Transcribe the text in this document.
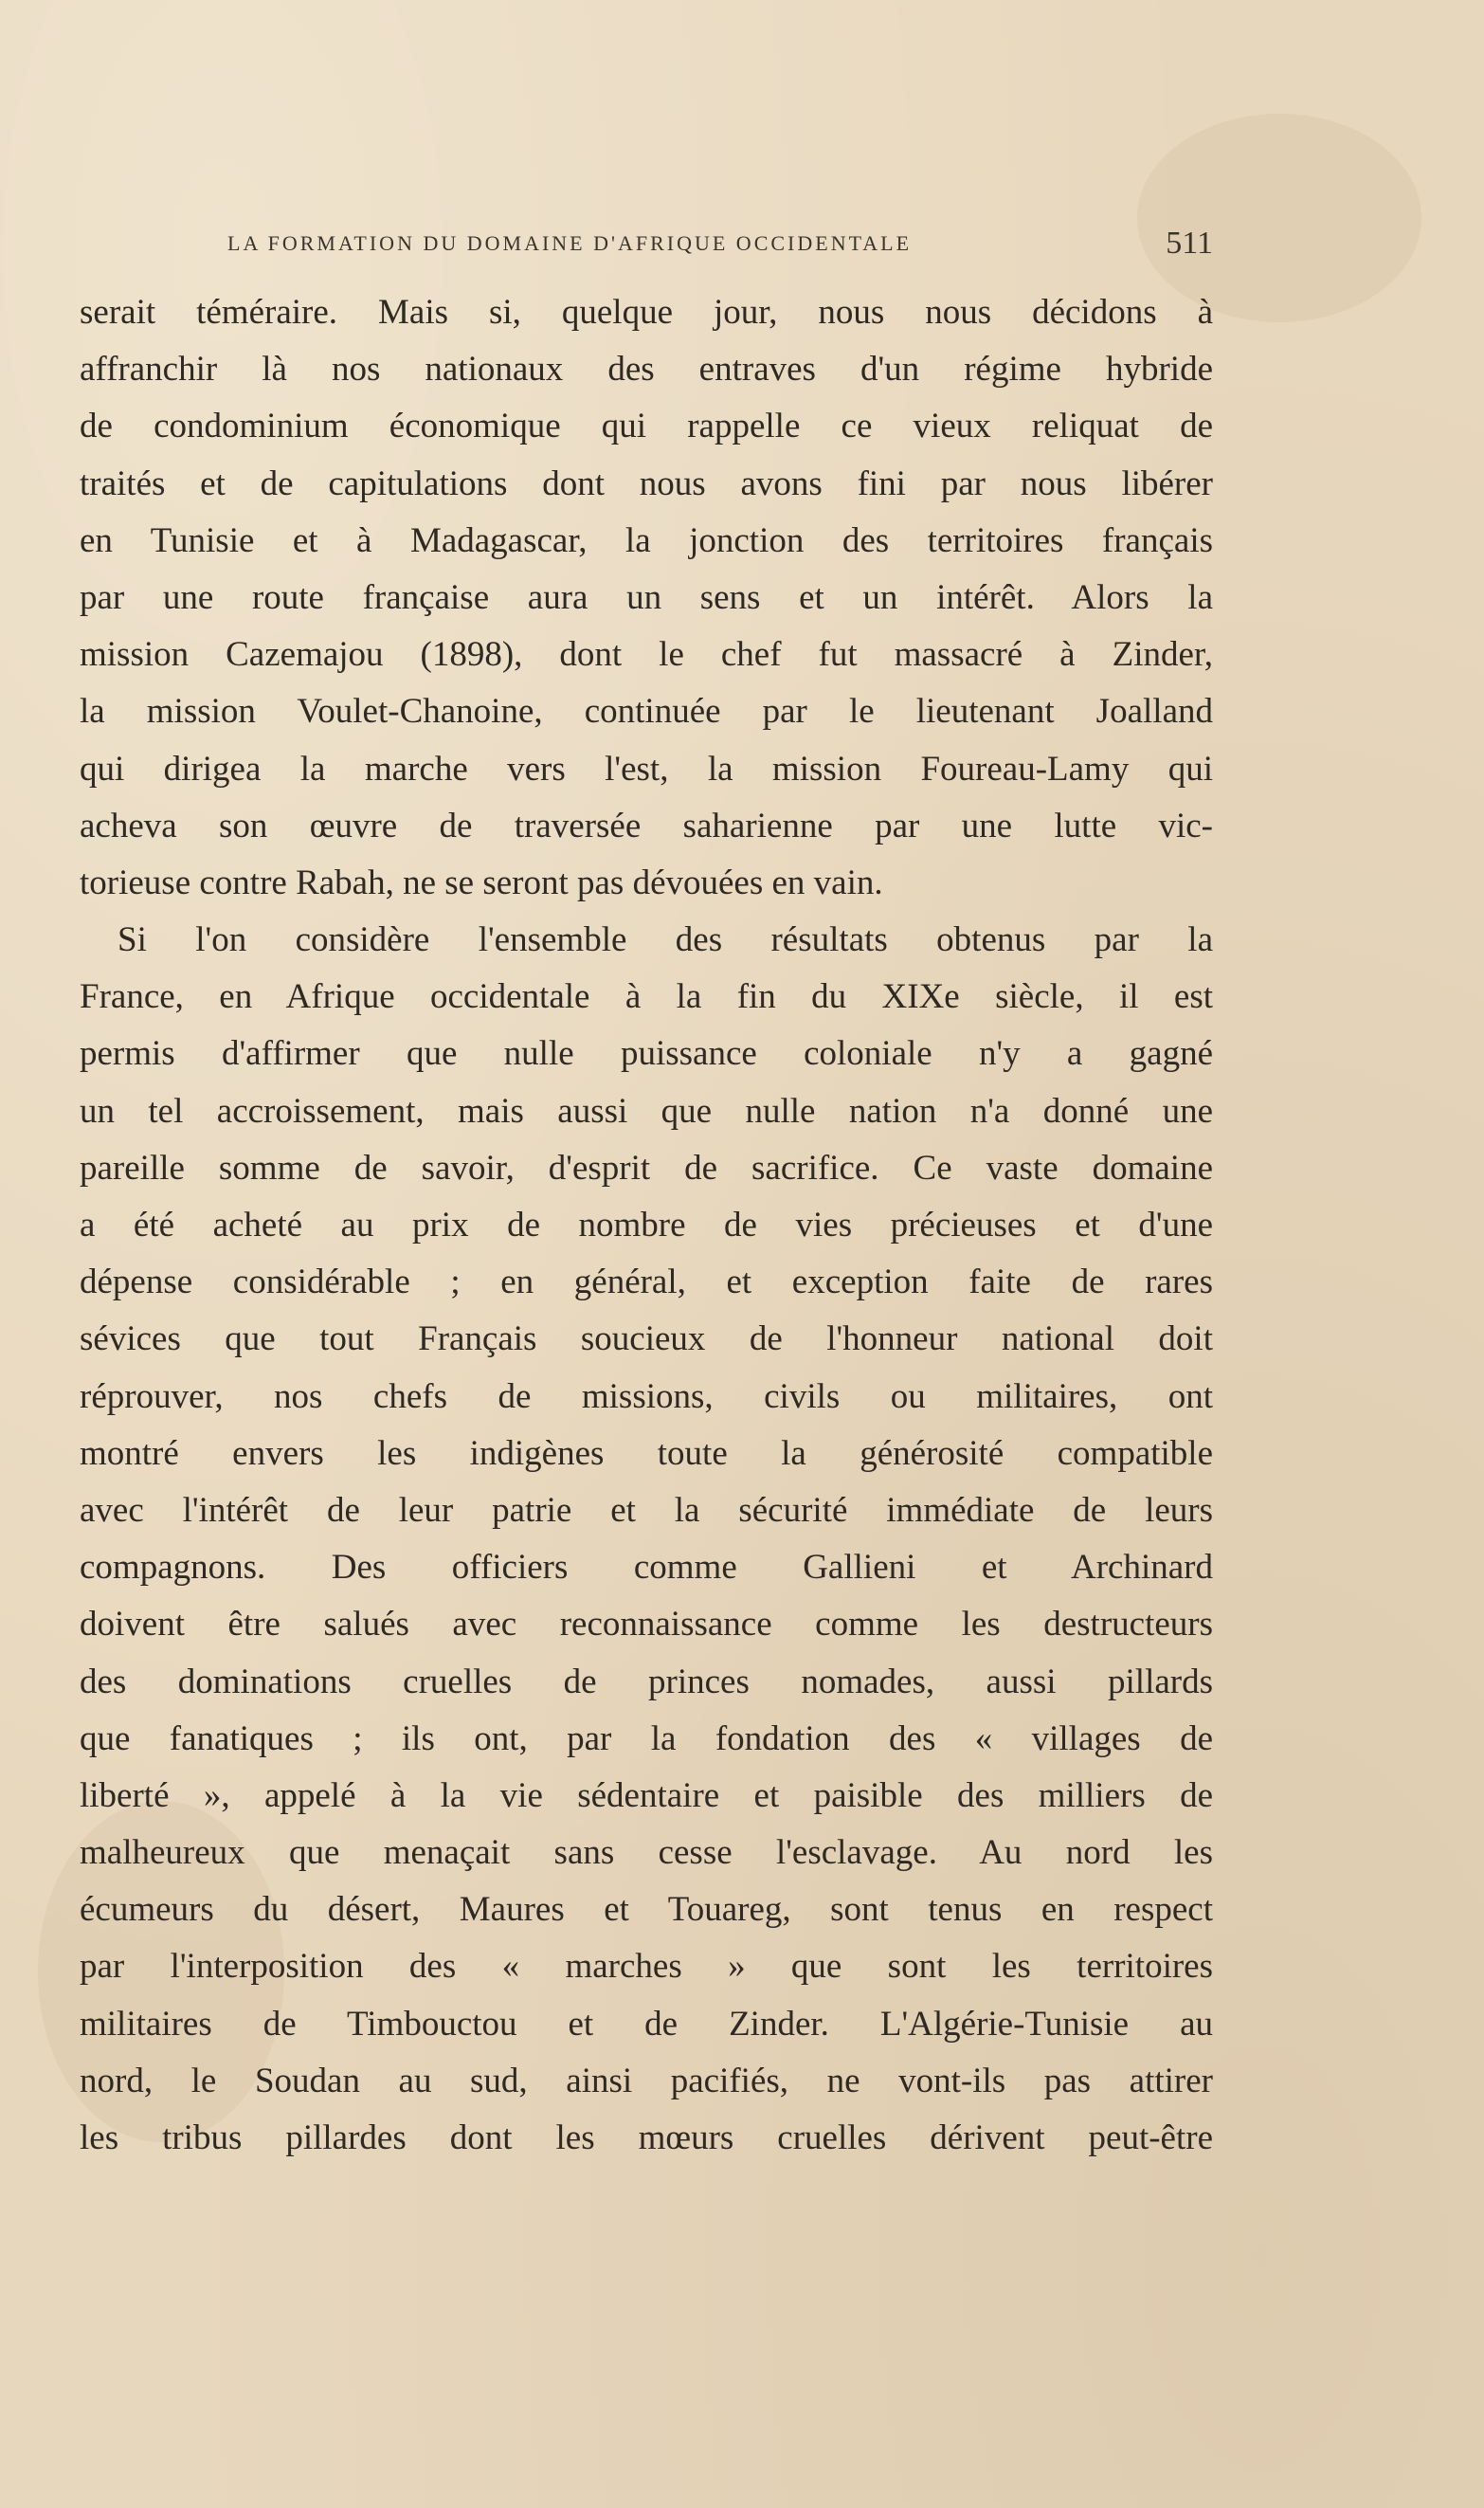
LA FORMATION DU DOMAINE D'AFRIQUE OCCIDENTALE	511
serait téméraire. Mais si, quelque jour, nous nous décidons à
affranchir là nos nationaux des entraves d'un régime hybride
de condominium économique qui rappelle ce vieux reliquat de
traités et de capitulations dont nous avons fini par nous libérer
en Tunisie et à Madagascar, la jonction des territoires français
par une route française aura un sens et un intérêt. Alors la
mission Cazemajou (1898), dont le chef fut massacré à Zinder,
la mission Voulet-Chanoine, continuée par le lieutenant Joalland
qui dirigea la marche vers l'est, la mission Foureau-Lamy qui
acheva son œuvre de traversée saharienne par une lutte vic-
torieuse contre Rabah, ne se seront pas dévouées en vain.
Si l'on considère l'ensemble des résultats obtenus par la
France, en Afrique occidentale à la fin du XIXe siècle, il est
permis d'affirmer que nulle puissance coloniale n'y a gagné
un tel accroissement, mais aussi que nulle nation n'a donné une
pareille somme de savoir, d'esprit de sacrifice. Ce vaste domaine
a été acheté au prix de nombre de vies précieuses et d'une
dépense considérable ; en général, et exception faite de rares
sévices que tout Français soucieux de l'honneur national doit
réprouver, nos chefs de missions, civils ou militaires, ont
montré envers les indigènes toute la générosité compatible
avec l'intérêt de leur patrie et la sécurité immédiate de leurs
compagnons. Des officiers comme Gallieni et Archinard
doivent être salués avec reconnaissance comme les destructeurs
des dominations cruelles de princes nomades, aussi pillards
que fanatiques ; ils ont, par la fondation des « villages de
liberté », appelé à la vie sédentaire et paisible des milliers de
malheureux que menaçait sans cesse l'esclavage. Au nord les
écumeurs du désert, Maures et Touareg, sont tenus en respect
par l'interposition des « marches » que sont les territoires
militaires de Timbouctou et de Zinder. L'Algérie-Tunisie au
nord, le Soudan au sud, ainsi pacifiés, ne vont-ils pas attirer
les tribus pillardes dont les mœurs cruelles dérivent peut-être
